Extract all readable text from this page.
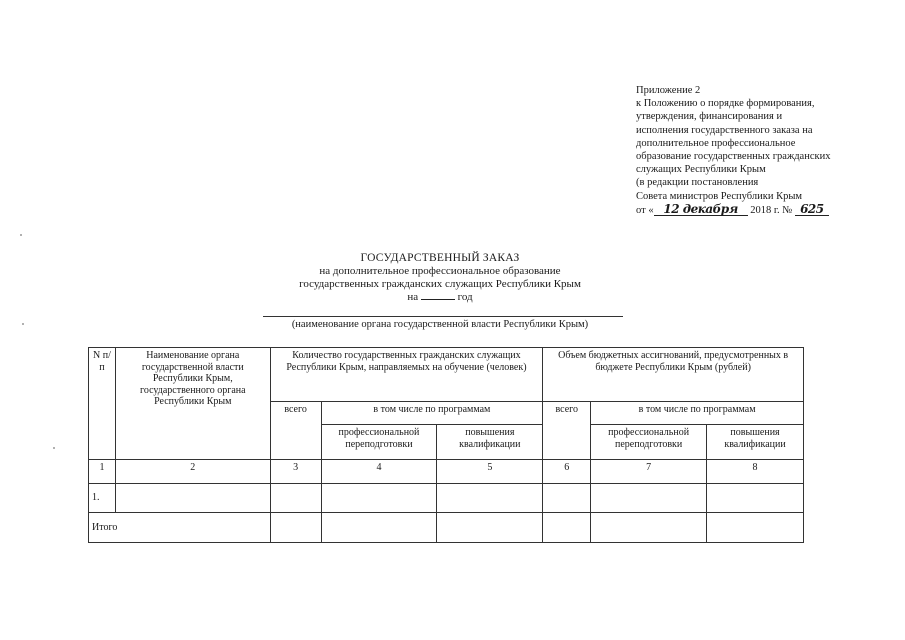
Приложение 2
к Положению о порядке формирования,
утверждения, финансирования и
исполнения государственного заказа на
дополнительное профессиональное
образование государственных гражданских
служащих Республики Крым
(в редакции постановления
Совета министров Республики Крым
от « 12 декабря 2018 г. № 625
ГОСУДАРСТВЕННЫЙ ЗАКАЗ
на дополнительное профессиональное образование
государственных гражданских служащих Республики Крым
на	год
(наименование органа государственной власти Республики Крым)
N п/п	Наименование органа государственной власти Республики Крым, государственного органа Республики Крым	Количество государственных гражданских служащих Республики Крым, направляемых на обучение (человек)			Объем бюджетных ассигнований, предусмотренных в бюджете Республики Крым (рублей)		
		всего	в том числе по программам		всего	в том числе по программам	
			профессиональной переподготовки	повышения квалификации		профессиональной переподготовки	повышения квалификации
1	2	3	4	5	6	7	8
1.							
Итого							
